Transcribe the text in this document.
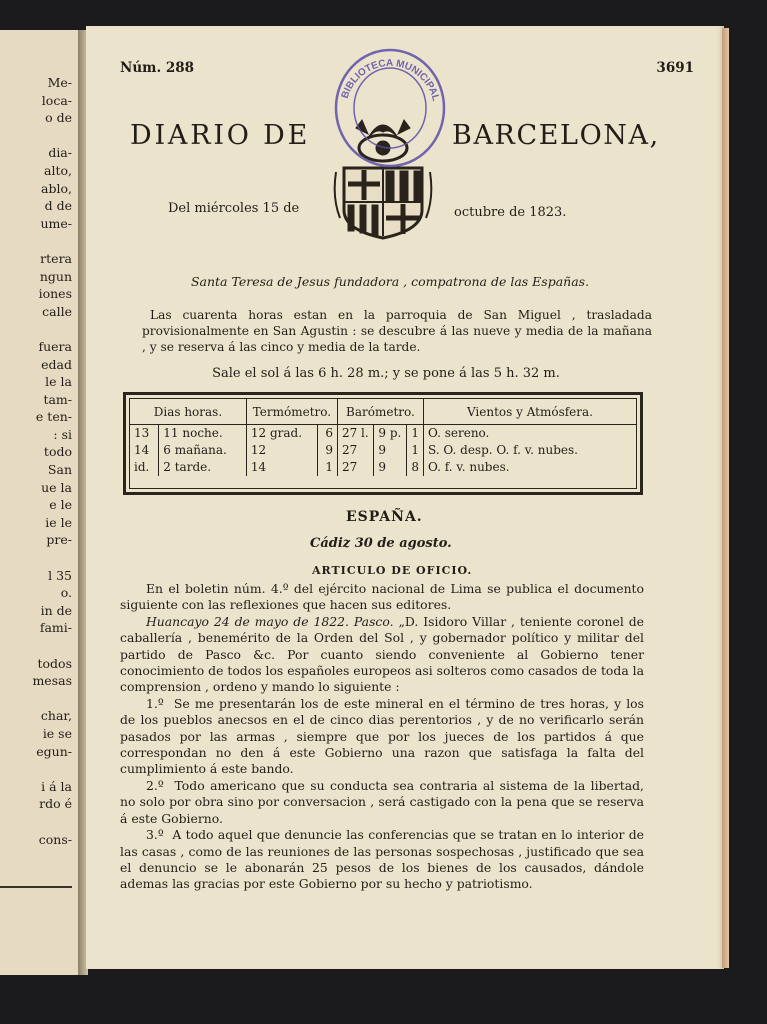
Me-
loca-
o de

dia-
alto,
ablo,
d de
ume-

rtera
ngun
iones
calle

fuera
edad
le la
tam-
e ten-
: si
todo
San
ue la
e le
ie le
pre-

l 35
o.
in de
fami-

todos
mesas

char,
ie se
egun-

i á la
rdo é

cons-
Núm. 288	3691
DIARIO DE	BARCELONA,
BIBLIOTECA MUNICIPAL
Del miércoles 15 de	octubre de 1823.
Santa Teresa de Jesus fundadora , compatrona de las Españas.

Las cuarenta horas estan en la parroquia de San Miguel , trasladada provisionalmente en San Agustin : se descubre á las nueve y media de la mañana , y se reserva á las cinco y media de la tarde.

Sale el sol á las 6 h. 28 m.; y se pone á las 5 h. 32 m.
Dias horas.		Termómetro.		Barómetro.			Vientos y Atmósfera.
13	11 noche.	12 grad.	6	27 l.	9 p.	1	O. sereno.
14	6 mañana.	12	9	27	9	1	S. O. desp. O. f. v. nubes.
id.	2 tarde.	14	1	27	9	8	O. f. v. nubes.
ESPAÑA.
Cádiz 30 de agosto.
ARTICULO DE OFICIO.

En el boletin núm. 4.º del ejército nacional de Lima se publica el documento siguiente con las reflexiones que hacen sus editores.

Huancayo 24 de mayo de 1822. Pasco. „D. Isidoro Villar , teniente coronel de caballería , benemérito de la Orden del Sol , y gobernador político y militar del partido de Pasco &c. Por cuanto siendo conveniente al Gobierno tener conocimiento de todos los españoles europeos asi solteros como casados de toda la comprension , ordeno y mando lo siguiente :

1.º Se me presentarán los de este mineral en el término de tres horas, y los de los pueblos anecsos en el de cinco dias perentorios , y de no verificarlo serán pasados por las armas , siempre que por los jueces de los partidos á que correspondan no den á este Gobierno una razon que satisfaga la falta del cumplimiento á este bando.

2.º Todo americano que su conducta sea contraria al sistema de la libertad, no solo por obra sino por conversacion , será castigado con la pena que se reserva á este Gobierno.

3.º A todo aquel que denuncie las conferencias que se tratan en lo interior de las casas , como de las reuniones de las personas sospechosas , justificado que sea el denuncio se le abonarán 25 pesos de los bienes de los causados, dándole ademas las gracias por este Gobierno por su hecho y patriotismo.
